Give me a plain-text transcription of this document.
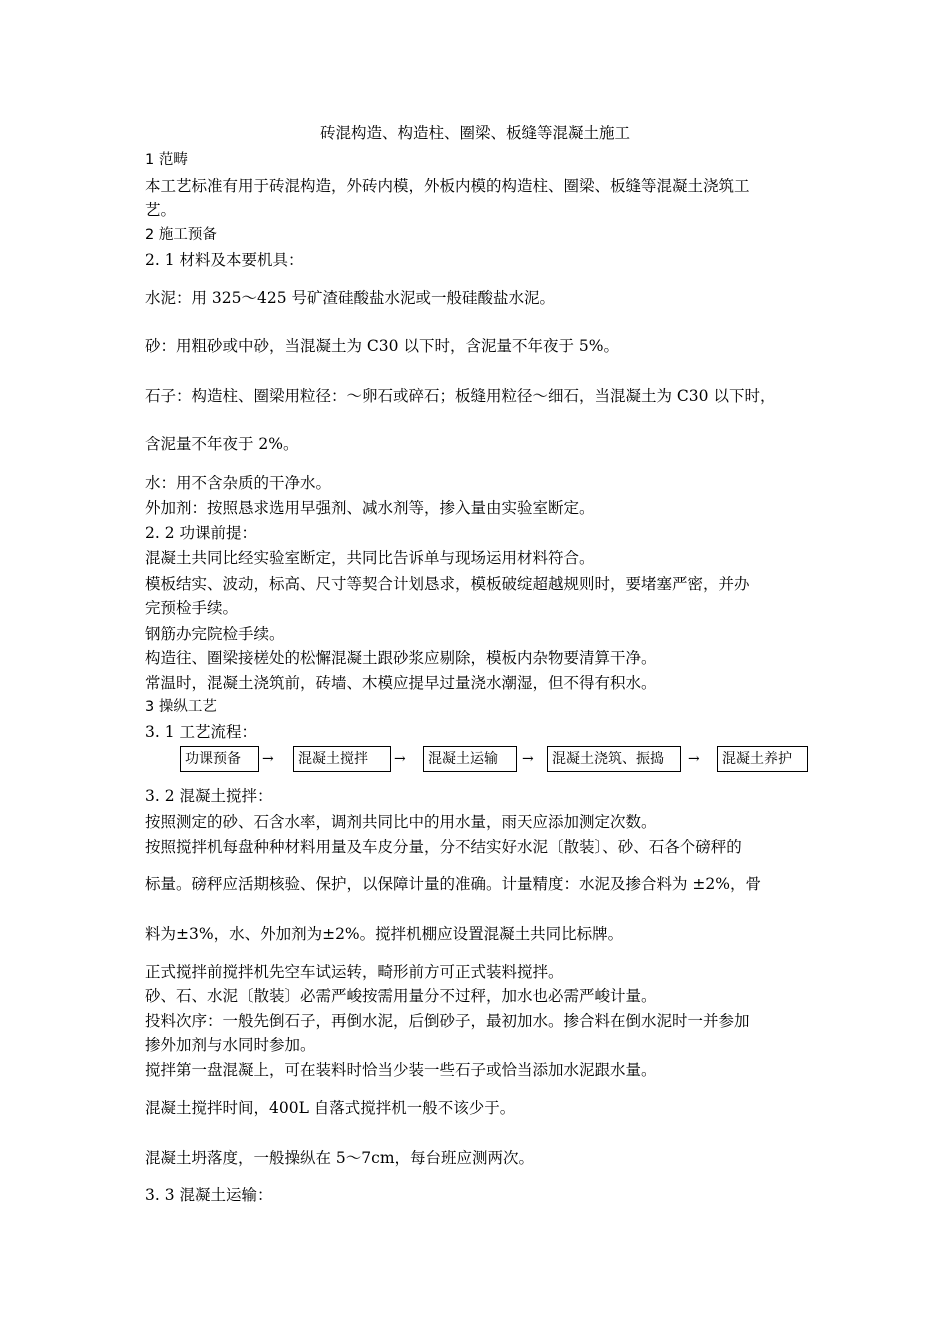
砖混构造、构造柱、圈梁、板缝等混凝土施工
1 范畴
本工艺标准有用于砖混构造，外砖内模，外板内模的构造柱、圈梁、板缝等混凝土浇筑工
艺。
2 施工预备
2. 1 材料及本要机具：
水泥：用 325～425 号矿渣硅酸盐水泥或一般硅酸盐水泥。
砂：用粗砂或中砂，当混凝土为 C30 以下时，含泥量不年夜于 5%。
石子：构造柱、圈梁用粒径：～卵石或碎石；板缝用粒径～细石，当混凝土为 C30 以下时，
含泥量不年夜于 2%。
水：用不含杂质的干净水。
外加剂：按照恳求选用早强剂、减水剂等，掺入量由实验室断定。
2. 2 功课前提：
混凝土共同比经实验室断定，共同比告诉单与现场运用材料符合。
模板结实、波动，标高、尺寸等契合计划恳求，模板破绽超越规则时，要堵塞严密，并办
完预检手续。
钢筋办完院检手续。
构造往、圈梁接槎处的松懈混凝土跟砂浆应剔除，模板内杂物要清算干净。
常温时，混凝土浇筑前，砖墙、木模应提早过量浇水潮湿，但不得有积水。
3 操纵工艺
3. 1 工艺流程：
功课预备	→	混凝土搅拌	→	混凝土运输	→	混凝土浇筑、振捣	→	混凝土养护
3. 2 混凝土搅拌：
按照测定的砂、石含水率，调剂共同比中的用水量，雨天应添加测定次数。
按照搅拌机每盘种种材料用量及车皮分量，分不结实好水泥〔散装〕、砂、石各个磅秤的
标量。磅秤应活期核验、保护，以保障计量的准确。计量精度：水泥及掺合料为 ±2%，骨
料为±3%，水、外加剂为±2%。搅拌机棚应设置混凝土共同比标牌。
正式搅拌前搅拌机先空车试运转，畸形前方可正式装料搅拌。
砂、石、水泥〔散装〕必需严峻按需用量分不过秤，加水也必需严峻计量。
投料次序：一般先倒石子，再倒水泥，后倒砂子，最初加水。掺合料在倒水泥时一并参加
掺外加剂与水同时参加。
搅拌第一盘混凝上，可在装料时恰当少装一些石子或恰当添加水泥跟水量。
混凝土搅拌时间，400L 自落式搅拌机一般不该少于。
混凝土坍落度，一般操纵在 5～7cm，每台班应测两次。
3. 3 混凝土运输：
